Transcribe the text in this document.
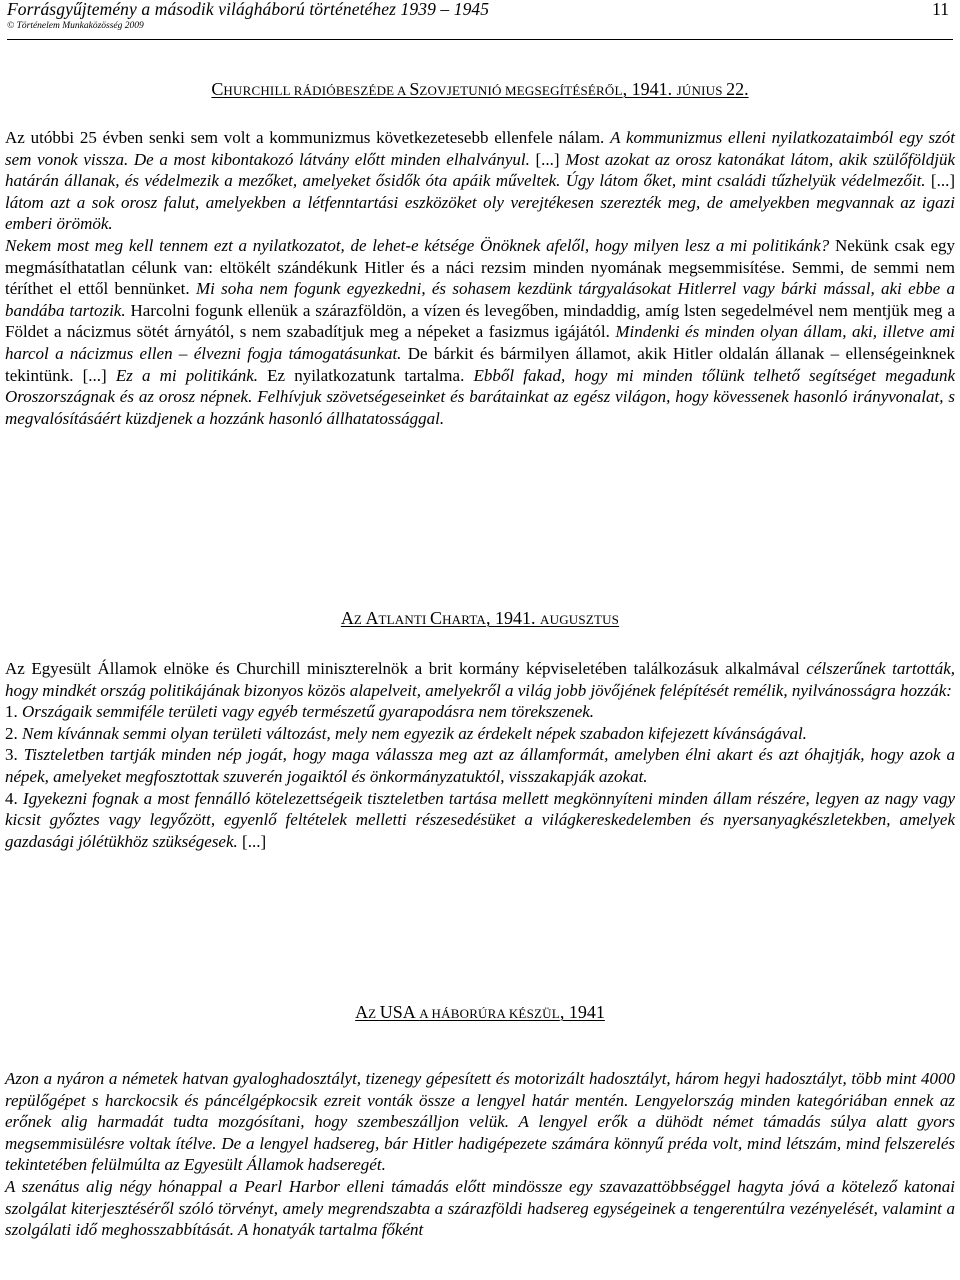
Forrásgyűjtemény a második világháború történetéhez 1939 – 1945
© Történelem Munkaközösség 2009
11
CHURCHILL RÁDIÓBESZÉDE A SZOVJETUNIÓ MEGSEGÍTÉSÉRŐL, 1941. JÚNIUS 22.

Az utóbbi 25 évben senki sem volt a kommunizmus következetesebb ellenfele nálam. A kommunizmus elleni nyilatkozataimból egy szót sem vonok vissza. De a most kibontakozó látvány előtt minden elhalványul. [...] Most azokat az orosz katonákat látom, akik szülőföldjük határán állanak, és védelmezik a mezőket, amelyeket ősidők óta apáik műveltek. Úgy látom őket, mint családi tűzhelyük védelmezőit. [...] látom azt a sok orosz falut, amelyekben a létfenntartási eszközöket oly verejtékesen szerezték meg, de amelyekben megvannak az igazi emberi örömök.

Nekem most meg kell tennem ezt a nyilatkozatot, de lehet-e kétsége Önöknek afelől, hogy milyen lesz a mi politikánk? Nekünk csak egy megmásíthatatlan célunk van: eltökélt szándékunk Hitler és a náci rezsim minden nyomának megsemmisítése. Semmi, de semmi nem téríthet el ettől bennünket. Mi soha nem fogunk egyezkedni, és sohasem kezdünk tárgyalásokat Hitlerrel vagy bárki mással, aki ebbe a bandába tartozik. Harcolni fogunk ellenük a szárazföldön, a vízen és levegőben, mindaddig, amíg lsten segedelmével nem mentjük meg a Földet a nácizmus sötét árnyától, s nem szabadítjuk meg a népeket a fasizmus igájától. Mindenki és minden olyan állam, aki, illetve ami harcol a nácizmus ellen – élvezni fogja támogatásunkat. De bárkit és bármilyen államot, akik Hitler oldalán állanak – ellenségeinknek tekintünk. [...] Ez a mi politikánk. Ez nyilatkozatunk tartalma. Ebből fakad, hogy mi minden tőlünk telhető segítséget megadunk Oroszországnak és az orosz népnek. Felhívjuk szövetségeseinket és barátainkat az egész világon, hogy kövessenek hasonló irányvonalat, s megvalósításáért küzdjenek a hozzánk hasonló állhatatossággal.

AZ ATLANTI CHARTA, 1941. AUGUSZTUS

Az Egyesült Államok elnöke és Churchill miniszterelnök a brit kormány képviseletében találkozásuk alkalmával célszerűnek tartották, hogy mindkét ország politikájának bizonyos közös alapelveit, amelyekről a világ jobb jövőjének felépítését remélik, nyilvánosságra hozzák:

1. Országaik semmiféle területi vagy egyéb természetű gyarapodásra nem törekszenek.

2. Nem kívánnak semmi olyan területi változást, mely nem egyezik az érdekelt népek szabadon kifejezett kívánságával.

3. Tiszteletben tartják minden nép jogát, hogy maga válassza meg azt az államformát, amelyben élni akart és azt óhajtják, hogy azok a népek, amelyeket megfosztottak szuverén jogaiktól és önkormányzatuktól, visszakapják azokat.

4. Igyekezni fognak a most fennálló kötelezettségeik tiszteletben tartása mellett megkönnyíteni minden állam részére, legyen az nagy vagy kicsit győztes vagy legyőzött, egyenlő feltételek melletti részesedésüket a világkereskedelemben és nyersanyagkészletekben, amelyek gazdasági jólétükhöz szükségesek. [...]

AZ USA A HÁBORÚRA KÉSZÜL, 1941

Azon a nyáron a németek hatvan gyaloghadosztályt, tizenegy gépesített és motorizált hadosztályt, három hegyi hadosztályt, több mint 4000 repülőgépet s harckocsik és páncélgépkocsik ezreit vonták össze a lengyel határ mentén. Lengyelország minden kategóriában ennek az erőnek alig harmadát tudta mozgósítani, hogy szembeszálljon velük. A lengyel erők a dühödt német támadás súlya alatt gyors megsemmisülésre voltak ítélve. De a lengyel hadsereg, bár Hitler hadigépezete számára könnyű préda volt, mind létszám, mind felszerelés tekintetében felülmúlta az Egyesült Államok hadseregét.

A szenátus alig négy hónappal a Pearl Harbor elleni támadás előtt mindössze egy szavazattöbbséggel hagyta jóvá a kötelező katonai szolgálat kiterjesztéséről szóló törvényt, amely megrendszabta a szárazföldi hadsereg egységeinek a tengerentúlra vezényelését, valamint a szolgálati idő meghosszabbítását. A honatyák tartalma főként
